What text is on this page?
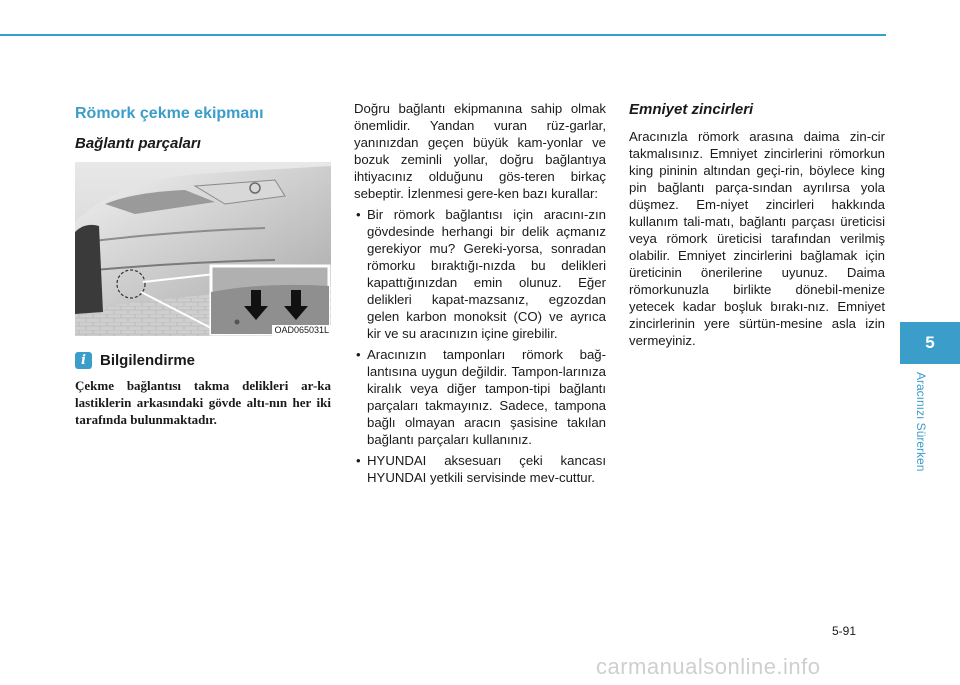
Römork çekme ekipmanı
Bağlantı parçaları
OAD065031L
i Bilgilendirme
Çekme bağlantısı takma delikleri ar-ka lastiklerin arkasındaki gövde altı-nın her iki tarafında bulunmaktadır.

Doğru bağlantı ekipmanına sahip olmak önemlidir. Yandan vuran rüz-garlar, yanınızdan geçen büyük kam-yonlar ve bozuk zeminli yollar, doğru bağlantıya ihtiyacınız olduğunu gös-teren birkaç sebeptir. İzlenmesi gere-ken bazı kurallar:

• Bir römork bağlantısı için aracını-zın gövdesinde herhangi bir delik açmanız gerekiyor mu? Gereki-yorsa, sonradan römorku bıraktığı-nızda bu delikleri kapattığınızdan emin olunuz. Eğer delikleri kapat-mazsanız, egzozdan gelen karbon monoksit (CO) ve ayrıca kir ve su aracınızın içine girebilir.
• Aracınızın tamponları römork bağ-lantısına uygun değildir. Tampon-larınıza kiralık veya diğer tampon-tipi bağlantı parçaları takmayınız. Sadece, tampona bağlı olmayan aracın şasisine takılan bağlantı parçaları kullanınız.
• HYUNDAI aksesuarı çeki kancası HYUNDAI yetkili servisinde mev-cuttur.
Emniyet zincirleri

Aracınızla römork arasına daima zin-cir takmalısınız. Emniyet zincirlerini römorkun king pininin altından geçi-rin, böylece king pin bağlantı parça-sından ayrılırsa yola düşmez. Em-niyet zincirleri hakkında kullanım tali-matı, bağlantı parçası üreticisi veya römork üreticisi tarafından verilmiş olabilir. Emniyet zincirlerini bağlamak için üreticinin önerilerine uyunuz. Daima römorkunuzla birlikte dönebil-menize yetecek kadar boşluk bırakı-nız. Emniyet zincirlerinin yere sürtün-mesine asla izin vermeyiniz.	5
Aracınızı Sürerken
5-91
carmanualsonline.info
